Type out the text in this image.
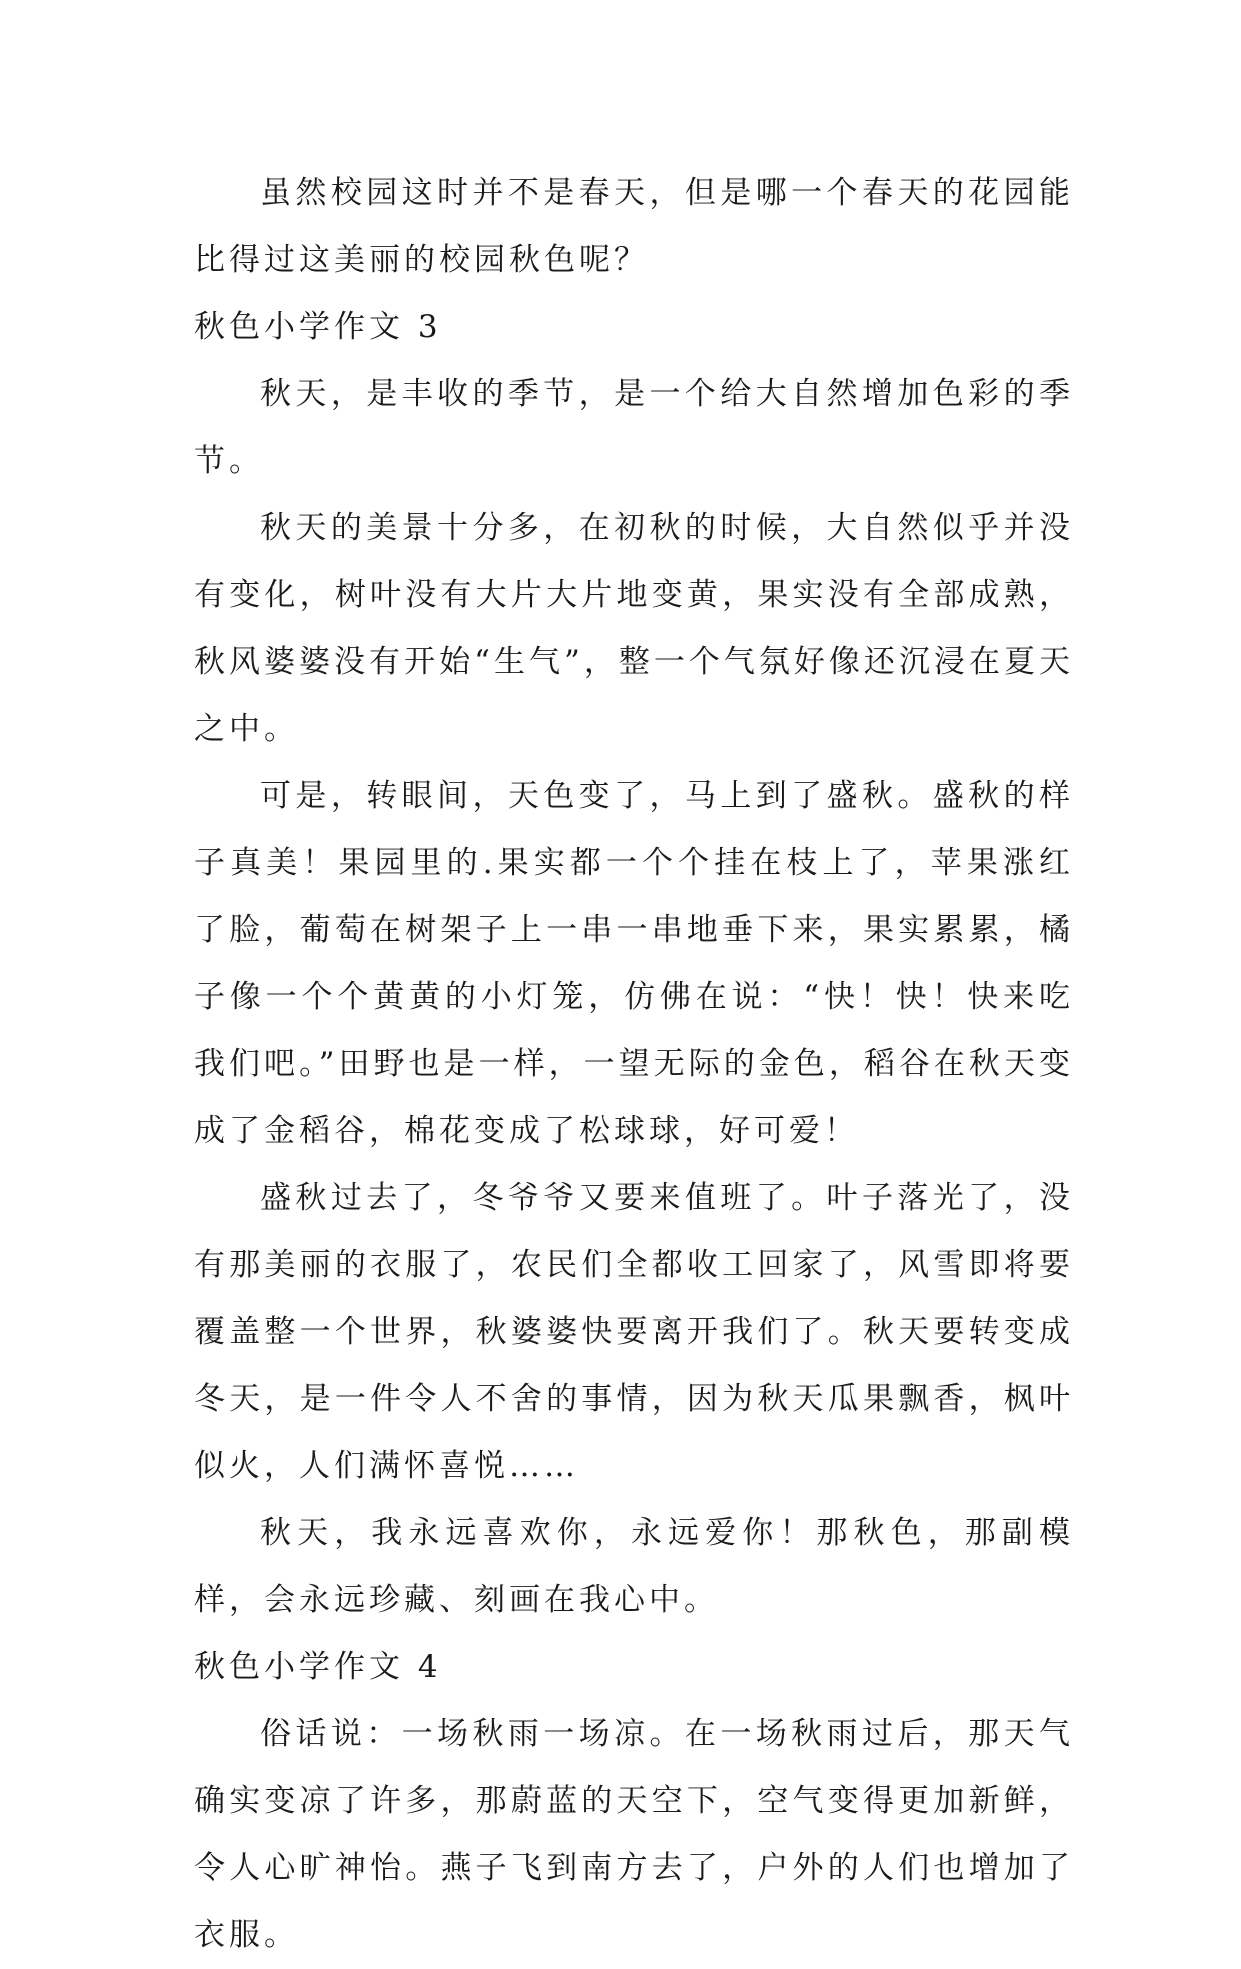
虽然校园这时并不是春天，但是哪一个春天的花园能比得过这美丽的校园秋色呢？

秋色小学作文 3

秋天，是丰收的季节，是一个给大自然增加色彩的季节。

秋天的美景十分多，在初秋的时候，大自然似乎并没有变化，树叶没有大片大片地变黄，果实没有全部成熟，秋风婆婆没有开始“生气”，整一个气氛好像还沉浸在夏天之中。

可是，转眼间，天色变了，马上到了盛秋。盛秋的样子真美！果园里的.果实都一个个挂在枝上了，苹果涨红了脸，葡萄在树架子上一串一串地垂下来，果实累累，橘子像一个个黄黄的小灯笼，仿佛在说：“快！快！快来吃我们吧。”田野也是一样，一望无际的金色，稻谷在秋天变成了金稻谷，棉花变成了松球球，好可爱！

盛秋过去了，冬爷爷又要来值班了。叶子落光了，没有那美丽的衣服了，农民们全都收工回家了，风雪即将要覆盖整一个世界，秋婆婆快要离开我们了。秋天要转变成冬天，是一件令人不舍的事情，因为秋天瓜果飘香，枫叶似火，人们满怀喜悦……

秋天，我永远喜欢你，永远爱你！那秋色，那副模样，会永远珍藏、刻画在我心中。

秋色小学作文 4

俗话说：一场秋雨一场凉。在一场秋雨过后，那天气确实变凉了许多，那蔚蓝的天空下，空气变得更加新鲜，令人心旷神怡。燕子飞到南方去了，户外的人们也增加了衣服。
